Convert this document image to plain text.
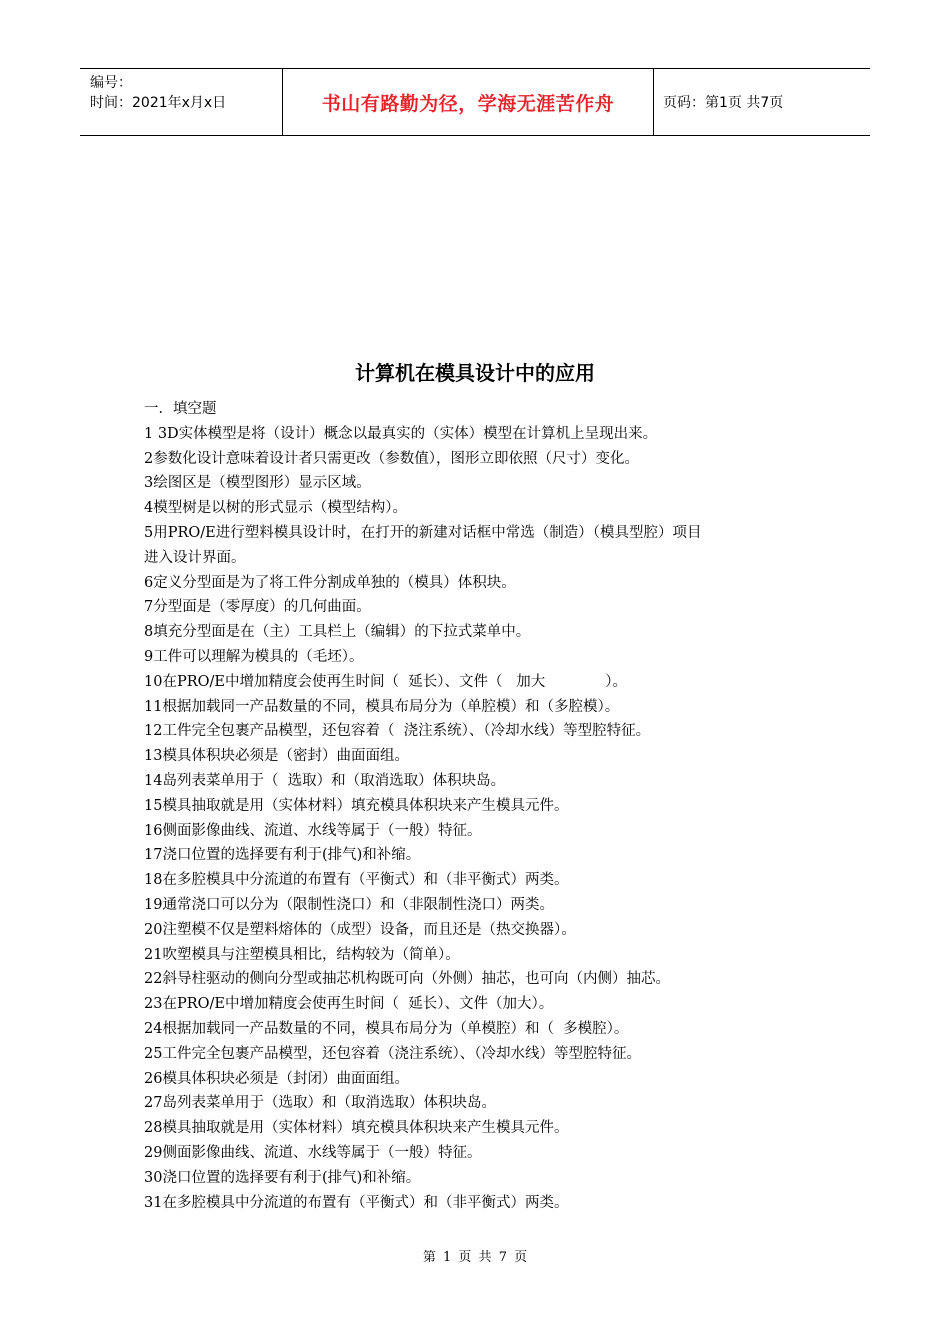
编号：
时间：2021年x月x日	书山有路勤为径，学海无涯苦作舟	页码：第1页 共7页
计算机在模具设计中的应用

一．填空题

1 3D实体模型是将（设计）概念以最真实的（实体）模型在计算机上呈现出来。

2参数化设计意味着设计者只需更改（参数值），图形立即依照（尺寸）变化。

3绘图区是（模型图形）显示区域。

4模型树是以树的形式显示（模型结构）。

5用PRO/E进行塑料模具设计时，在打开的新建对话框中常选（制造）（模具型腔）项目

进入设计界面。

6定义分型面是为了将工件分割成单独的（模具）体积块。

7分型面是（零厚度）的几何曲面。

8填充分型面是在（主）工具栏上（编辑）的下拉式菜单中。

9工件可以理解为模具的（毛坯）。

10在PRO/E中增加精度会使再生时间（  延长）、文件（   加大             ）。

11根据加载同一产品数量的不同，模具布局分为（单腔模）和（多腔模）。

12工件完全包裹产品模型，还包容着（  浇注系统）、（冷却水线）等型腔特征。

13模具体积块必须是（密封）曲面面组。

14岛列表菜单用于（  选取）和（取消选取）体积块岛。

15模具抽取就是用（实体材料）填充模具体积块来产生模具元件。

16侧面影像曲线、流道、水线等属于（一般）特征。

17浇口位置的选择要有利于(排气)和补缩。

18在多腔模具中分流道的布置有（平衡式）和（非平衡式）两类。

19通常浇口可以分为（限制性浇口）和（非限制性浇口）两类。

20注塑模不仅是塑料熔体的（成型）设备，而且还是（热交换器）。

21吹塑模具与注塑模具相比，结构较为（简单）。

22斜导柱驱动的侧向分型或抽芯机构既可向（外侧）抽芯，也可向（内侧）抽芯。

23在PRO/E中增加精度会使再生时间（  延长）、文件（加大）。

24根据加载同一产品数量的不同，模具布局分为（单模腔）和（  多模腔）。

25工件完全包裹产品模型，还包容着（浇注系统）、（冷却水线）等型腔特征。

26模具体积块必须是（封闭）曲面面组。

27岛列表菜单用于（选取）和（取消选取）体积块岛。

28模具抽取就是用（实体材料）填充模具体积块来产生模具元件。

29侧面影像曲线、流道、水线等属于（一般）特征。

30浇口位置的选择要有利于(排气)和补缩。

31在多腔模具中分流道的布置有（平衡式）和（非平衡式）两类。

第 1 页 共 7 页
